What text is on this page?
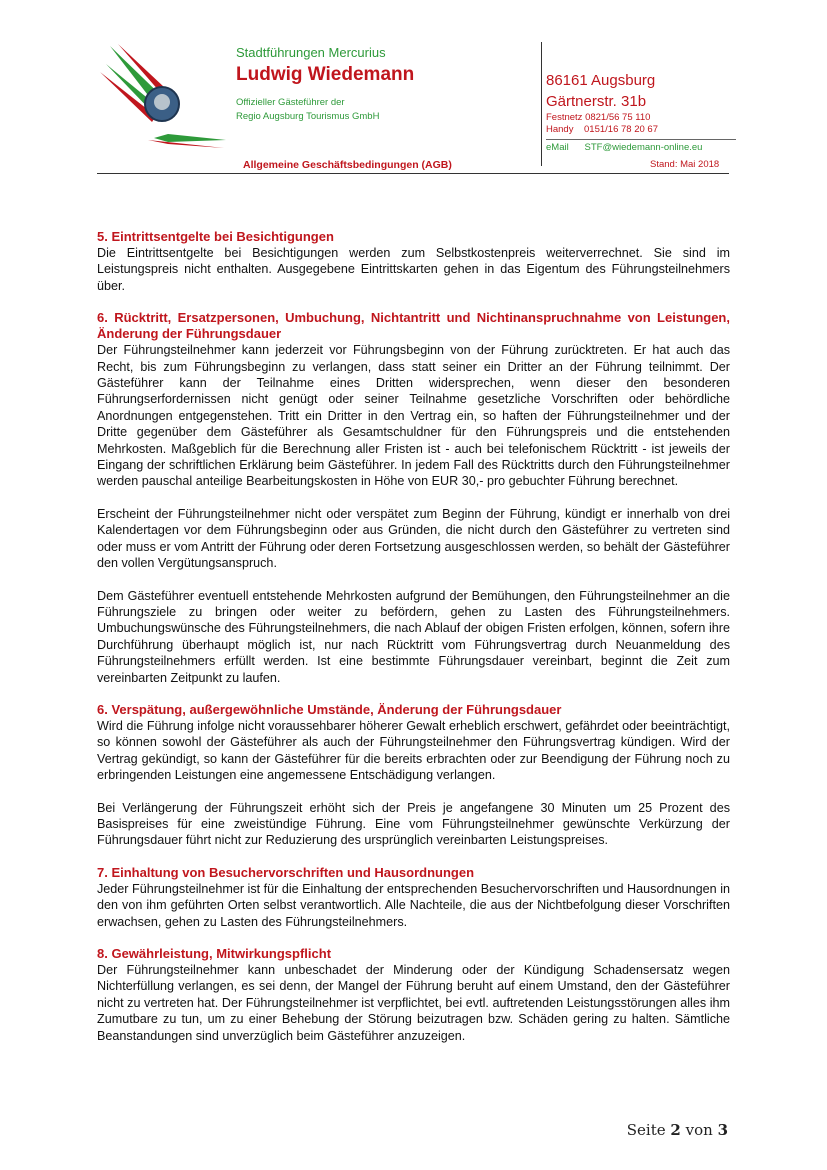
Stadtführungen Mercurius
Ludwig Wiedemann
Offizieller Gästeführer der
Regio Augsburg Tourismus GmbH
86161 Augsburg
Gärtnerstr. 31b
Festnetz 0821/56 75 110
Handy    0151/16 78 20 67
eMail      STF@wiedemann-online.eu
Allgemeine Geschäftsbedingungen (AGB)	Stand: Mai 2018
5. Eintrittsentgelte bei Besichtigungen

Die Eintrittsentgelte bei Besichtigungen werden zum Selbstkostenpreis weiterverrechnet. Sie sind im Leistungspreis nicht enthalten. Ausgegebene Eintrittskarten gehen in das Eigentum des Führungsteilnehmers über.

6. Rücktritt, Ersatzpersonen, Umbuchung, Nichtantritt und Nichtinanspruchnahme von Leistungen, Änderung der Führungsdauer

Der Führungsteilnehmer kann jederzeit vor Führungsbeginn von der Führung zurücktreten. Er hat auch das Recht, bis zum Führungsbeginn zu verlangen, dass statt seiner ein Dritter an der Führung teilnimmt. Der Gästeführer kann der Teilnahme eines Dritten widersprechen, wenn dieser den besonderen Führungserfordernissen nicht genügt oder seiner Teilnahme gesetzliche Vorschriften oder behördliche Anordnungen entgegenstehen. Tritt ein Dritter in den Vertrag ein, so haften der Führungsteilnehmer und der Dritte gegenüber dem Gästeführer als Gesamtschuldner für den Führungspreis und die entstehenden Mehrkosten. Maßgeblich für die Berechnung aller Fristen ist - auch bei telefonischem Rücktritt - ist jeweils der Eingang der schriftlichen Erklärung beim Gästeführer. In jedem Fall des Rücktritts durch den Führungsteilnehmer werden pauschal anteilige Bearbeitungskosten in Höhe von EUR 30,- pro gebuchter Führung berechnet.

Erscheint der Führungsteilnehmer nicht oder verspätet zum Beginn der Führung, kündigt er innerhalb von drei Kalendertagen vor dem Führungsbeginn oder aus Gründen, die nicht durch den Gästeführer zu vertreten sind oder muss er vom Antritt der Führung oder deren Fortsetzung ausgeschlossen werden, so behält der Gästeführer den vollen Vergütungsanspruch.

Dem Gästeführer eventuell entstehende Mehrkosten aufgrund der Bemühungen, den Führungsteilnehmer an die Führungsziele zu bringen oder weiter zu befördern, gehen zu Lasten des Führungsteilnehmers. Umbuchungswünsche des Führungsteilnehmers, die nach Ablauf der obigen Fristen erfolgen, können, sofern ihre Durchführung überhaupt möglich ist, nur nach Rücktritt vom Führungsvertrag durch Neuanmeldung des Führungsteilnehmers erfüllt werden. Ist eine bestimmte Führungsdauer vereinbart, beginnt die Zeit zum vereinbarten Zeitpunkt zu laufen.

6. Verspätung, außergewöhnliche Umstände, Änderung der Führungsdauer

Wird die Führung infolge nicht voraussehbarer höherer Gewalt erheblich erschwert, gefährdet oder beeinträchtigt, so können sowohl der Gästeführer als auch der Führungsteilnehmer den Führungsvertrag kündigen. Wird der Vertrag gekündigt, so kann der Gästeführer für die bereits erbrachten oder zur Beendigung der Führung noch zu erbringenden Leistungen eine angemessene Entschädigung verlangen.

Bei Verlängerung der Führungszeit erhöht sich der Preis je angefangene 30 Minuten um 25 Prozent des Basispreises für eine zweistündige Führung. Eine vom Führungsteilnehmer gewünschte Verkürzung der Führungsdauer führt nicht zur Reduzierung des ursprünglich vereinbarten Leistungspreises.

7. Einhaltung von Besuchervorschriften und Hausordnungen

Jeder Führungsteilnehmer ist für die Einhaltung der entsprechenden Besuchervorschriften und Hausordnungen in den von ihm geführten Orten selbst verantwortlich. Alle Nachteile, die aus der Nichtbefolgung dieser Vorschriften erwachsen, gehen zu Lasten des Führungsteilnehmers.

8. Gewährleistung, Mitwirkungspflicht

Der Führungsteilnehmer kann unbeschadet der Minderung oder der Kündigung Schadensersatz wegen Nichterfüllung verlangen, es sei denn, der Mangel der Führung beruht auf einem Umstand, den der Gästeführer nicht zu vertreten hat. Der Führungsteilnehmer ist verpflichtet, bei evtl. auftretenden Leistungsstörungen alles ihm Zumutbare zu tun, um zu einer Behebung der Störung beizutragen bzw. Schäden gering zu halten. Sämtliche Beanstandungen sind unverzüglich beim Gästeführer anzuzeigen.

Seite 2 von 3
